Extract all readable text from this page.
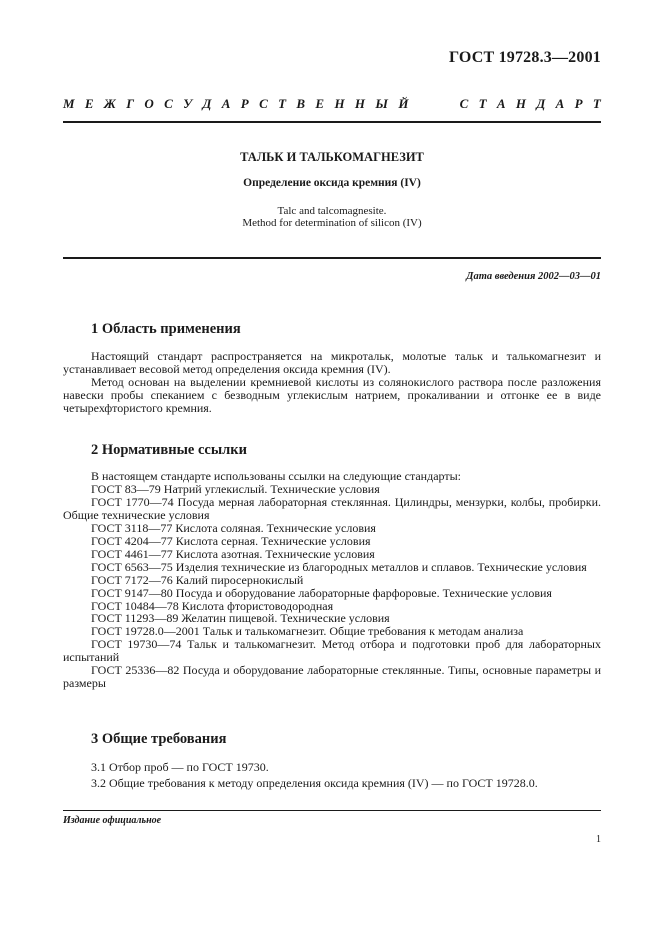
ГОСТ 19728.3—2001
М Е Ж Г О С У Д А Р С Т В Е Н Н Ы Й

	С Т А Н Д А Р Т
ТАЛЬК И ТАЛЬКОМАГНЕЗИТ
Определение оксида кремния (IV)
Talc and talcomagnesite.
Method for determination of silicon (IV)
Дата введения 2002—03—01
1 Область применения
Настоящий стандарт распространяется на микротальк, молотые тальк и талькомагнезит и устанавливает весовой метод определения оксида кремния (IV).
Метод основан на выделении кремниевой кислоты из солянокислого раствора после разложения навески пробы спеканием с безводным углекислым натрием, прокаливании и отгонке ее в виде четырехфтористого кремния.
2 Нормативные ссылки
В настоящем стандарте использованы ссылки на следующие стандарты:
ГОСТ 83—79 Натрий углекислый. Технические условия
ГОСТ 1770—74 Посуда мерная лабораторная стеклянная. Цилиндры, мензурки, колбы, пробирки. Общие технические условия
ГОСТ 3118—77 Кислота соляная. Технические условия
ГОСТ 4204—77 Кислота серная. Технические условия
ГОСТ 4461—77 Кислота азотная. Технические условия
ГОСТ 6563—75 Изделия технические из благородных металлов и сплавов. Технические условия
ГОСТ 7172—76 Калий пиросернокислый
ГОСТ 9147—80 Посуда и оборудование лабораторные фарфоровые. Технические условия
ГОСТ 10484—78 Кислота фтористоводородная
ГОСТ 11293—89 Желатин пищевой. Технические условия
ГОСТ 19728.0—2001 Тальк и талькомагнезит. Общие требования к методам анализа
ГОСТ 19730—74 Тальк и талькомагнезит. Метод отбора и подготовки проб для лабораторных испытаний
ГОСТ 25336—82 Посуда и оборудование лабораторные стеклянные. Типы, основные параметры и размеры
3 Общие требования
3.1 Отбор проб — по ГОСТ 19730.
3.2 Общие требования к методу определения оксида кремния (IV) — по ГОСТ 19728.0.
Издание официальное
1
